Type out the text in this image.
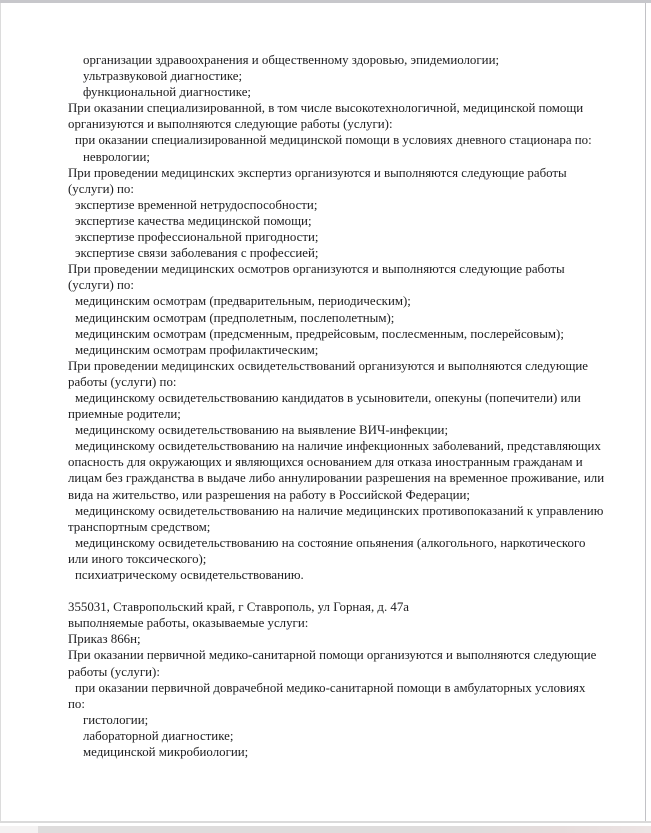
организации здравоохранения и общественному здоровью, эпидемиологии;
ультразвуковой диагностике;
функциональной диагностике;
При оказании специализированной, в том числе высокотехнологичной, медицинской помощи
организуются и выполняются следующие работы (услуги):
при оказании специализированной медицинской помощи в условиях дневного стационара по:
неврологии;
При проведении медицинских экспертиз организуются и выполняются следующие работы
(услуги) по:
экспертизе временной нетрудоспособности;
экспертизе качества медицинской помощи;
экспертизе профессиональной пригодности;
экспертизе связи заболевания с профессией;
При проведении медицинских осмотров организуются и выполняются следующие работы
(услуги) по:
медицинским осмотрам (предварительным, периодическим);
медицинским осмотрам (предполетным, послеполетным);
медицинским осмотрам (предсменным, предрейсовым, послесменным, послерейсовым);
медицинским осмотрам профилактическим;
При проведении медицинских освидетельствований организуются и выполняются следующие
работы (услуги) по:
медицинскому освидетельствованию кандидатов в усыновители, опекуны (попечители) или
приемные родители;
медицинскому освидетельствованию на выявление ВИЧ-инфекции;
медицинскому освидетельствованию на наличие инфекционных заболеваний, представляющих
опасность для окружающих и являющихся основанием для отказа иностранным гражданам и
лицам без гражданства в выдаче либо аннулировании разрешения на временное проживание, или
вида на жительство, или разрешения на работу в Российской Федерации;
медицинскому освидетельствованию на наличие медицинских противопоказаний к управлению
транспортным средством;
медицинскому освидетельствованию на состояние опьянения (алкогольного, наркотического
или иного токсического);
психиатрическому освидетельствованию.
355031, Ставропольский край, г Ставрополь, ул Горная, д. 47а
выполняемые работы, оказываемые услуги:
Приказ 866н;
При оказании первичной медико-санитарной помощи организуются и выполняются следующие
работы (услуги):
при оказании первичной доврачебной медико-санитарной помощи в амбулаторных условиях
по:
гистологии;
лабораторной диагностике;
медицинской микробиологии;
